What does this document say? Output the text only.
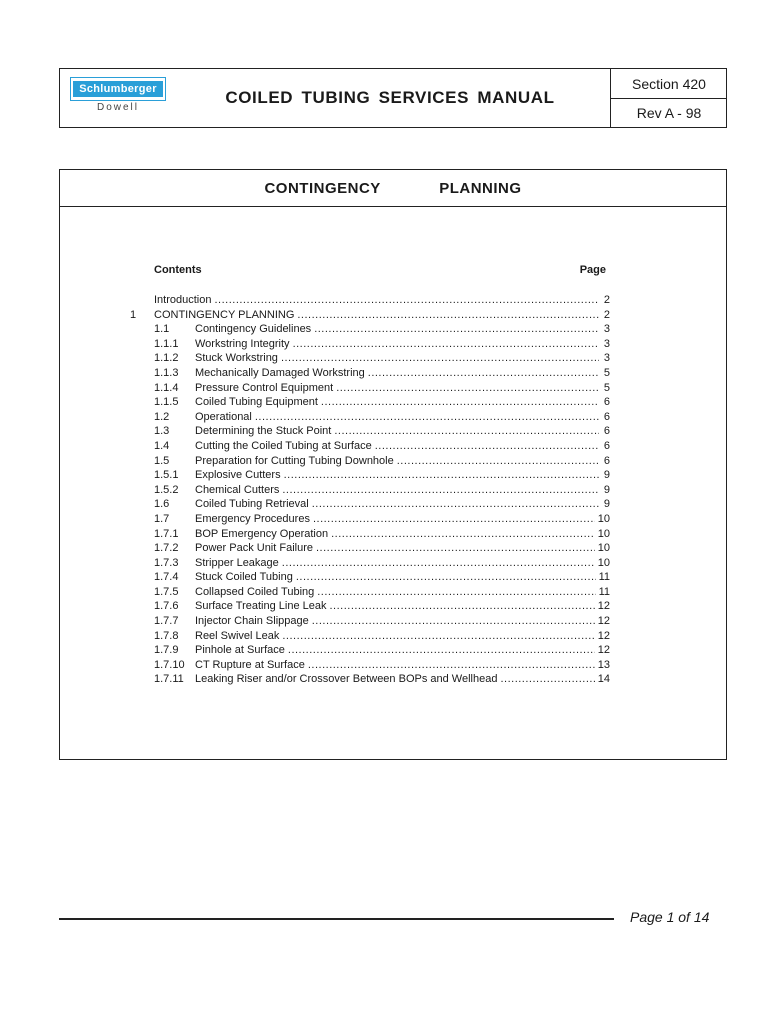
Schlumberger
Dowell
COILED TUBING SERVICES MANUAL
Section 420
Rev A - 98
CONTINGENCY    PLANNING
Contents	Page
Introduction .....	2
1	CONTINGENCY PLANNING .....	2
1.1	Contingency Guidelines .....	3
1.1.1	Workstring Integrity .....	3
1.1.2	Stuck Workstring .....	3
1.1.3	Mechanically Damaged Workstring .....	5
1.1.4	Pressure Control Equipment .....	5
1.1.5	Coiled Tubing Equipment .....	6
1.2	Operational .....	6
1.3	Determining the Stuck Point .....	6
1.4	Cutting the Coiled Tubing at Surface .....	6
1.5	Preparation for Cutting Tubing Downhole .....	6
1.5.1	Explosive Cutters .....	9
1.5.2	Chemical Cutters .....	9
1.6	Coiled Tubing Retrieval .....	9
1.7	Emergency Procedures .....	10
1.7.1	BOP Emergency Operation .....	10
1.7.2	Power Pack Unit Failure .....	10
1.7.3	Stripper Leakage .....	10
1.7.4	Stuck Coiled Tubing .....	11
1.7.5	Collapsed Coiled Tubing .....	11
1.7.6	Surface Treating Line Leak .....	12
1.7.7	Injector Chain Slippage .....	12
1.7.8	Reel Swivel Leak .....	12
1.7.9	Pinhole at Surface .....	12
1.7.10 CT Rupture at Surface .....	13
1.7.11	Leaking Riser and/or Crossover Between BOPs and Wellhead .....	14
Page 1 of 14
